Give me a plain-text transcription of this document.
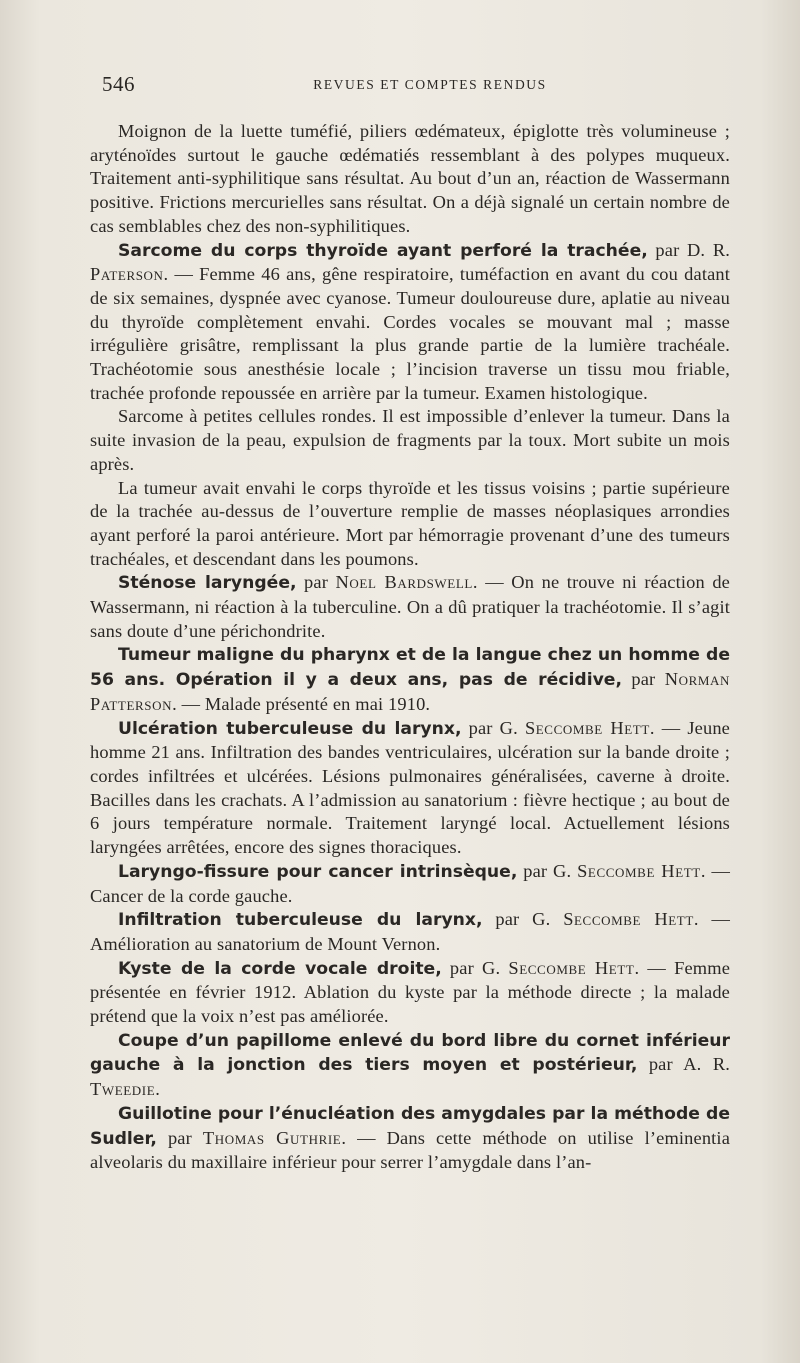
546	REVUES ET COMPTES RENDUS

Moignon de la luette tuméfié, piliers œdémateux, épiglotte très volumineuse ; aryténoïdes surtout le gauche œdématiés ressemblant à des polypes muqueux. Traitement anti-syphilitique sans résultat. Au bout d’un an, réaction de Wassermann positive. Frictions mercurielles sans résultat. On a déjà signalé un certain nombre de cas semblables chez des non-syphilitiques.

Sarcome du corps thyroïde ayant perforé la trachée, par D. R. Paterson. — Femme 46 ans, gêne respiratoire, tuméfaction en avant du cou datant de six semaines, dyspnée avec cyanose. Tumeur douloureuse dure, aplatie au niveau du thyroïde complètement envahi. Cordes vocales se mouvant mal ; masse irrégulière grisâtre, remplissant la plus grande partie de la lumière trachéale. Trachéotomie sous anesthésie locale ; l’incision traverse un tissu mou friable, trachée profonde repoussée en arrière par la tumeur. Examen histologique.

Sarcome à petites cellules rondes. Il est impossible d’enlever la tumeur. Dans la suite invasion de la peau, expulsion de fragments par la toux. Mort subite un mois après.

La tumeur avait envahi le corps thyroïde et les tissus voisins ; partie supérieure de la trachée au-dessus de l’ouverture remplie de masses néoplasiques arrondies ayant perforé la paroi antérieure. Mort par hémorragie provenant d’une des tumeurs trachéales, et descendant dans les poumons.

Sténose laryngée, par Noel Bardswell. — On ne trouve ni réaction de Wassermann, ni réaction à la tuberculine. On a dû pratiquer la trachéotomie. Il s’agit sans doute d’une périchondrite.

Tumeur maligne du pharynx et de la langue chez un homme de 56 ans. Opération il y a deux ans, pas de récidive, par Norman Patterson. — Malade présenté en mai 1910.

Ulcération tuberculeuse du larynx, par G. Seccombe Hett. — Jeune homme 21 ans. Infiltration des bandes ventriculaires, ulcération sur la bande droite ; cordes infiltrées et ulcérées. Lésions pulmonaires généralisées, caverne à droite. Bacilles dans les crachats. A l’admission au sanatorium : fièvre hectique ; au bout de 6 jours température normale. Traitement laryngé local. Actuellement lésions laryngées arrêtées, encore des signes thoraciques.

Laryngo-fissure pour cancer intrinsèque, par G. Seccombe Hett. — Cancer de la corde gauche.

Infiltration tuberculeuse du larynx, par G. Seccombe Hett. — Amélioration au sanatorium de Mount Vernon.

Kyste de la corde vocale droite, par G. Seccombe Hett. — Femme présentée en février 1912. Ablation du kyste par la méthode directe ; la malade prétend que la voix n’est pas améliorée.

Coupe d’un papillome enlevé du bord libre du cornet inférieur gauche à la jonction des tiers moyen et postérieur, par A. R. Tweedie.

Guillotine pour l’énucléation des amygdales par la méthode de Sudler, par Thomas Guthrie. — Dans cette méthode on utilise l’eminentia alveolaris du maxillaire inférieur pour serrer l’amygdale dans l’an-
